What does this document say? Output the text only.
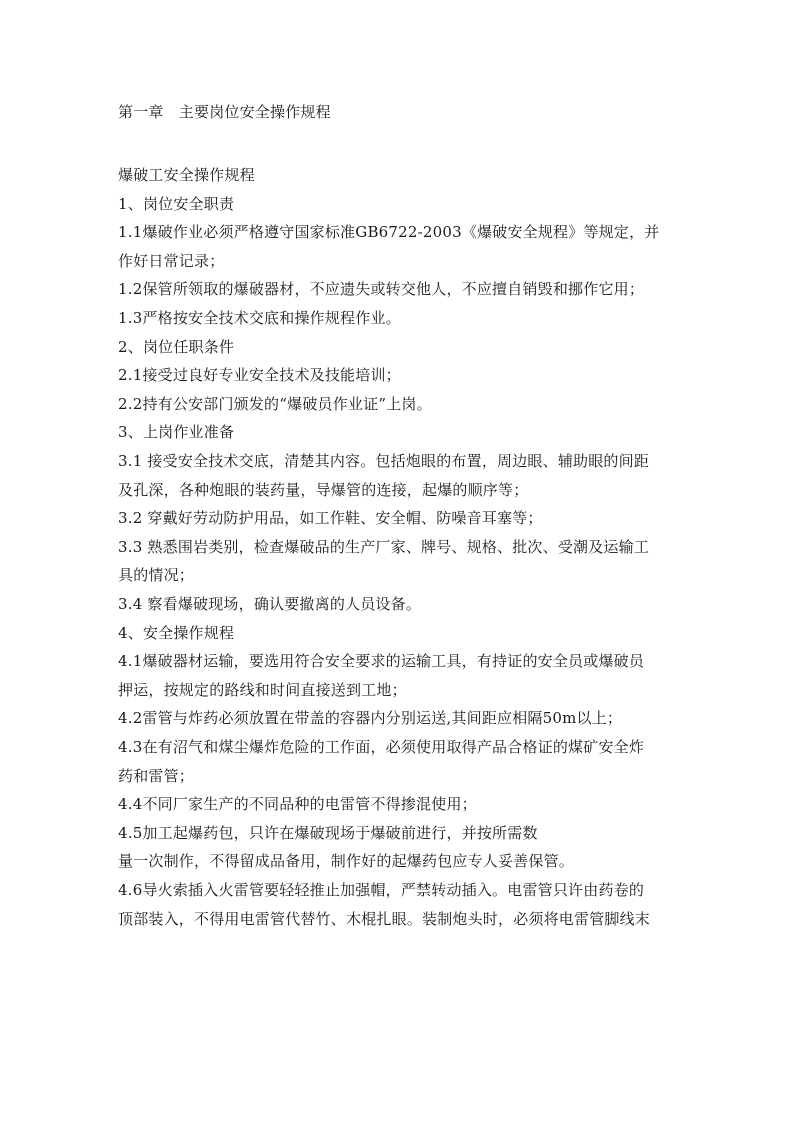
第一章　主要岗位安全操作规程
爆破工安全操作规程
1、岗位安全职责
1.1爆破作业必须严格遵守国家标准GB6722-2003《爆破安全规程》等规定，并
作好日常记录；
1.2保管所领取的爆破器材，不应遗失或转交他人，不应擅自销毁和挪作它用；
1.3严格按安全技术交底和操作规程作业。
2、岗位任职条件
2.1接受过良好专业安全技术及技能培训；
2.2持有公安部门颁发的“爆破员作业证”上岗。
3、上岗作业准备
3.1 接受安全技术交底，清楚其内容。包括炮眼的布置，周边眼、辅助眼的间距
及孔深，各种炮眼的装药量，导爆管的连接，起爆的顺序等；
3.2 穿戴好劳动防护用品，如工作鞋、安全帽、防噪音耳塞等；
3.3 熟悉围岩类别，检查爆破品的生产厂家、牌号、规格、批次、受潮及运输工
具的情况；
3.4 察看爆破现场，确认要撤离的人员设备。
4、安全操作规程
4.1爆破器材运输，要选用符合安全要求的运输工具，有持证的安全员或爆破员
押运，按规定的路线和时间直接送到工地；
4.2雷管与炸药必须放置在带盖的容器内分别运送,其间距应相隔50m以上；
4.3在有沼气和煤尘爆炸危险的工作面，必须使用取得产品合格证的煤矿安全炸
药和雷管；
4.4不同厂家生产的不同品种的电雷管不得掺混使用；
4.5加工起爆药包，只许在爆破现场于爆破前进行，并按所需数
量一次制作，不得留成品备用，制作好的起爆药包应专人妥善保管。
4.6导火索插入火雷管要轻轻推止加强帽，严禁转动插入。电雷管只许由药卷的
顶部装入，不得用电雷管代替竹、木棍扎眼。装制炮头时，必须将电雷管脚线末
